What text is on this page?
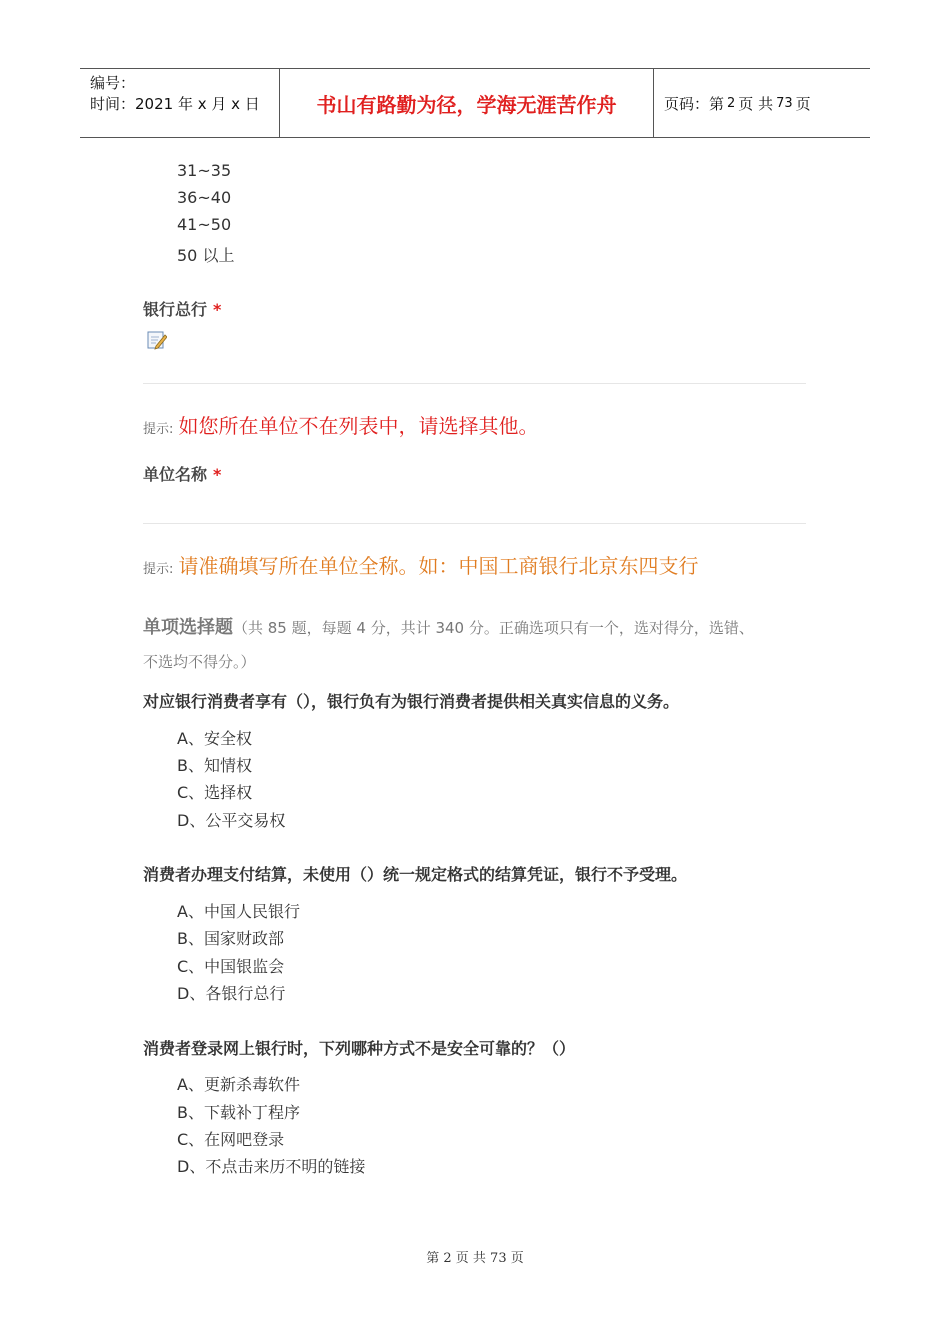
编号：
时间：2021 年 x 月 x 日	书山有路勤为径，学海无涯苦作舟	页码：第 2 页 共 73 页
31~35
36~40
41~50
50 以上
银行总行 *
提示: 如您所在单位不在列表中，请选择其他。
单位名称 *
提示: 请准确填写所在单位全称。如：中国工商银行北京东四支行
单项选择题（共 85 题，每题 4 分，共计 340 分。正确选项只有一个，选对得分，选错、
不选均不得分。）
对应银行消费者享有（），银行负有为银行消费者提供相关真实信息的义务。
A、安全权
B、知情权
C、选择权
D、公平交易权
消费者办理支付结算，未使用（）统一规定格式的结算凭证，银行不予受理。
A、中国人民银行
B、国家财政部
C、中国银监会
D、各银行总行
消费者登录网上银行时，下列哪种方式不是安全可靠的？（）
A、更新杀毒软件
B、下载补丁程序
C、在网吧登录
D、不点击来历不明的链接
第 2 页 共 73 页
